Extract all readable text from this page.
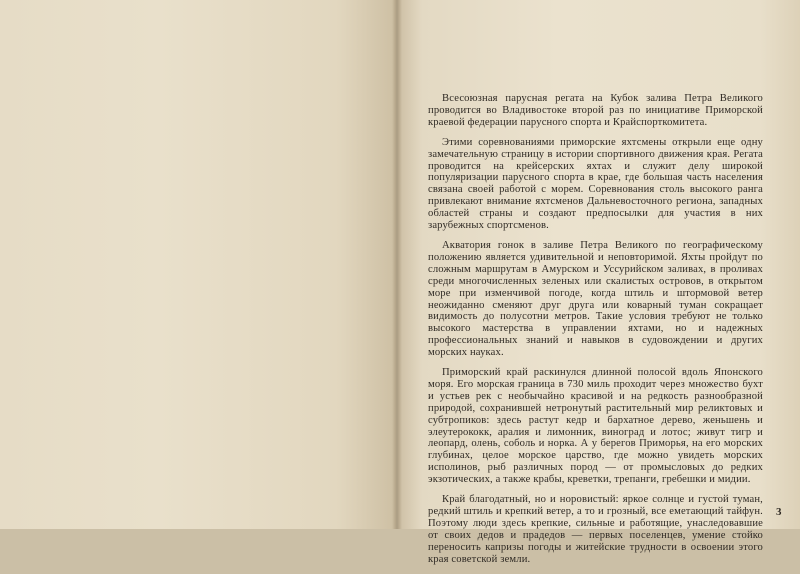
Всесоюзная парусная регата на Кубок залива Петра Великого проводится во Владивостоке второй раз по инициативе Приморской краевой федерации парусного спорта и Крайспорткомитета.

Этими соревнованиями приморские яхтсмены открыли еще одну замечательную страницу в истории спортивного движения края. Регата проводится на крейсерских яхтах и служит делу широкой популяризации парусного спорта в крае, где большая часть населения связана своей работой с морем. Соревнования столь высокого ранга привлекают внимание яхтсменов Дальневосточного региона, западных областей страны и создают предпосылки для участия в них зарубежных спортсменов.

Акватория гонок в заливе Петра Великого по географическому положению является удивительной и неповторимой. Яхты пройдут по сложным маршрутам в Амурском и Уссурийском заливах, в проливах среди многочисленных зеленых или скалистых островов, в открытом море при изменчивой погоде, когда штиль и штормовой ветер неожиданно сменяют друг друга или коварный туман сокращает видимость до полусотни метров. Такие условия требуют не только высокого мастерства в управлении яхтами, но и надежных профессиональных знаний и навыков в судовождении и других морских науках.

Приморский край раскинулся длинной полосой вдоль Японского моря. Его морская граница в 730 миль проходит через множество бухт и устьев рек с необычайно красивой и на редкость разнообразной природой, сохранившей нетронутый растительный мир реликтовых и субтропиков: здесь растут кедр и бархатное дерево, женьшень и элеутерококк, аралия и лимонник, виноград и лотос; живут тигр и леопард, олень, соболь и норка. А у берегов Приморья, на его морских глубинах, целое морское царство, где можно увидеть морских исполинов, рыб различных пород — от промысловых до редких экзотических, а также крабы, креветки, трепанги, гребешки и мидии.

Край благодатный, но и норовистый: яркое солнце и густой туман, редкий штиль и крепкий ветер, а то и грозный, все еметающий тайфун. Поэтому люди здесь крепкие, сильные и работящие, унаследовавшие от своих дедов и прадедов — первых поселенцев, умение стойко переносить капризы погоды и житейские трудности в освоении этого края советской земли.

3
